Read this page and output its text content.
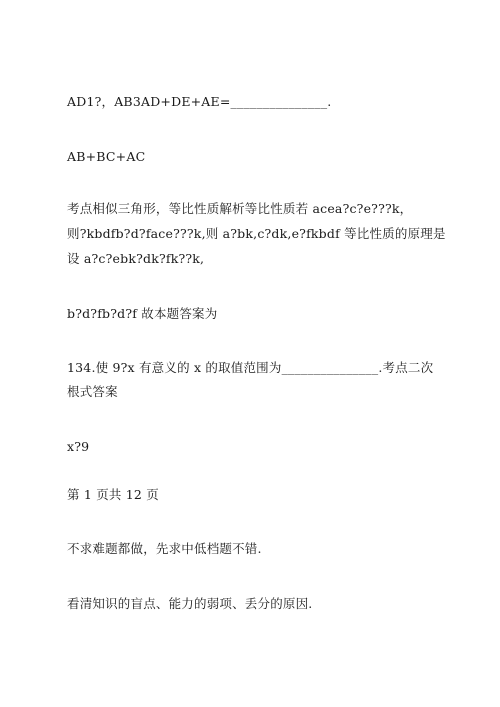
AD1?，AB3AD+DE+AE=_______________.
AB+BC+AC
考点相似三角形，等比性质解析等比性质若 acea?c?e???k，
则?kbdfb?d?face???k,则 a?bk,c?dk,e?fkbdf 等比性质的原理是
设 a?c?ebk?dk?fk??k,
b?d?fb?d?f 故本题答案为
134.使 9?x 有意义的 x 的取值范围为_______________.考点二次
根式答案
x?9
第 1 页共 12 页
不求难题都做，先求中低档题不错.
看清知识的盲点、能力的弱项、丢分的原因.
